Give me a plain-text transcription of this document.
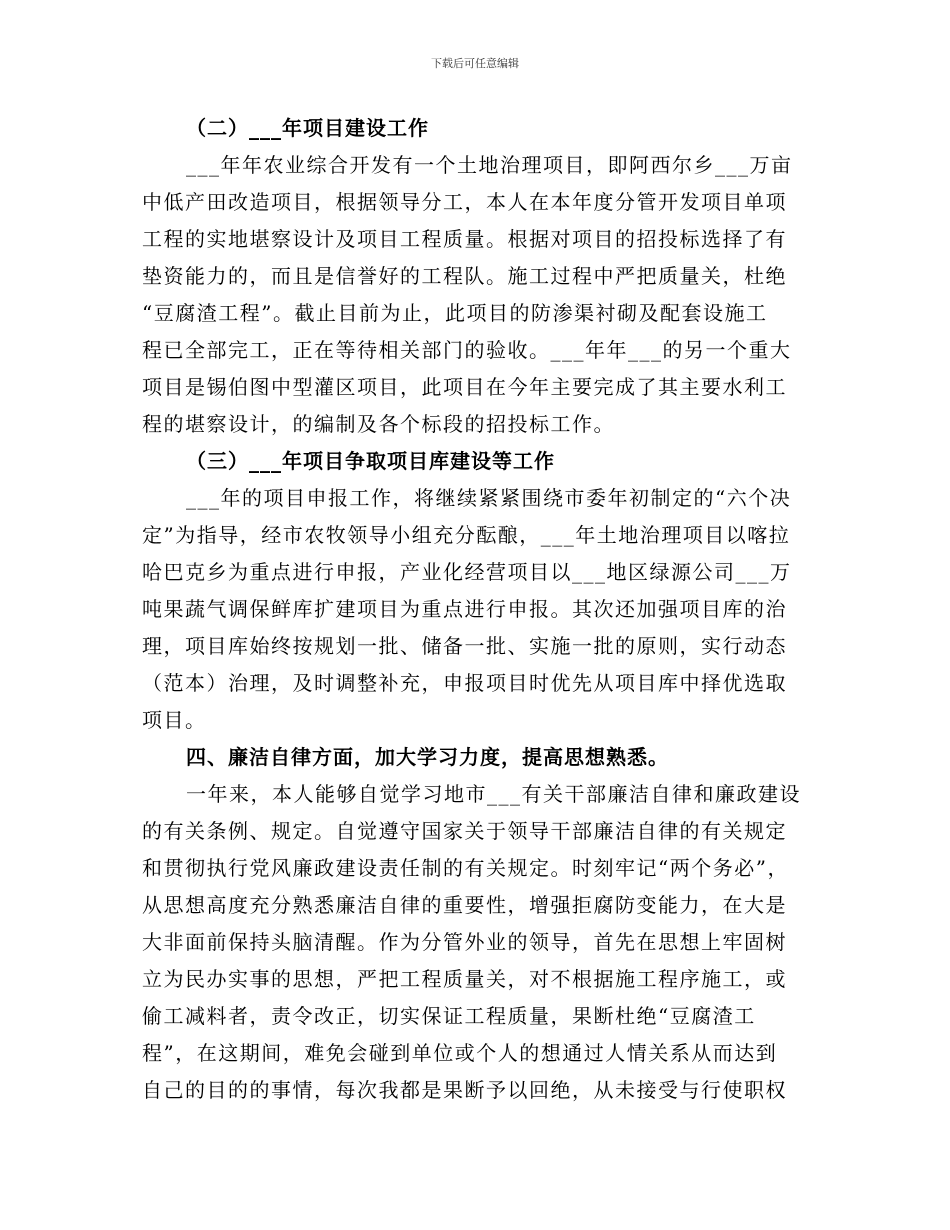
下载后可任意编辑
（二）___年项目建设工作
___年年农业综合开发有一个土地治理项目，即阿西尔乡___万亩
中低产田改造项目，根据领导分工，本人在本年度分管开发项目单项
工程的实地堪察设计及项目工程质量。根据对项目的招投标选择了有
垫资能力的，而且是信誉好的工程队。施工过程中严把质量关，杜绝
“豆腐渣工程”。截止目前为止，此项目的防渗渠衬砌及配套设施工
程已全部完工，正在等待相关部门的验收。___年年___的另一个重大
项目是锡伯图中型灌区项目，此项目在今年主要完成了其主要水利工
程的堪察设计，的编制及各个标段的招投标工作。
（三）___年项目争取项目库建设等工作
___年的项目申报工作，将继续紧紧围绕市委年初制定的“六个决
定”为指导，经市农牧领导小组充分酝酿，___年土地治理项目以喀拉
哈巴克乡为重点进行申报，产业化经营项目以___地区绿源公司___万
吨果蔬气调保鲜库扩建项目为重点进行申报。其次还加强项目库的治
理，项目库始终按规划一批、储备一批、实施一批的原则，实行动态
（范本）治理，及时调整补充，申报项目时优先从项目库中择优选取
项目。
四、廉洁自律方面，加大学习力度，提高思想熟悉。
一年来，本人能够自觉学习地市___有关干部廉洁自律和廉政建设
的有关条例、规定。自觉遵守国家关于领导干部廉洁自律的有关规定
和贯彻执行党风廉政建设责任制的有关规定。时刻牢记“两个务必”，
从思想高度充分熟悉廉洁自律的重要性，增强拒腐防变能力，在大是
大非面前保持头脑清醒。作为分管外业的领导，首先在思想上牢固树
立为民办实事的思想，严把工程质量关，对不根据施工程序施工，或
偷工减料者，责令改正，切实保证工程质量，果断杜绝“豆腐渣工
程”，在这期间，难免会碰到单位或个人的想通过人情关系从而达到
自己的目的的事情，每次我都是果断予以回绝，从未接受与行使职权
